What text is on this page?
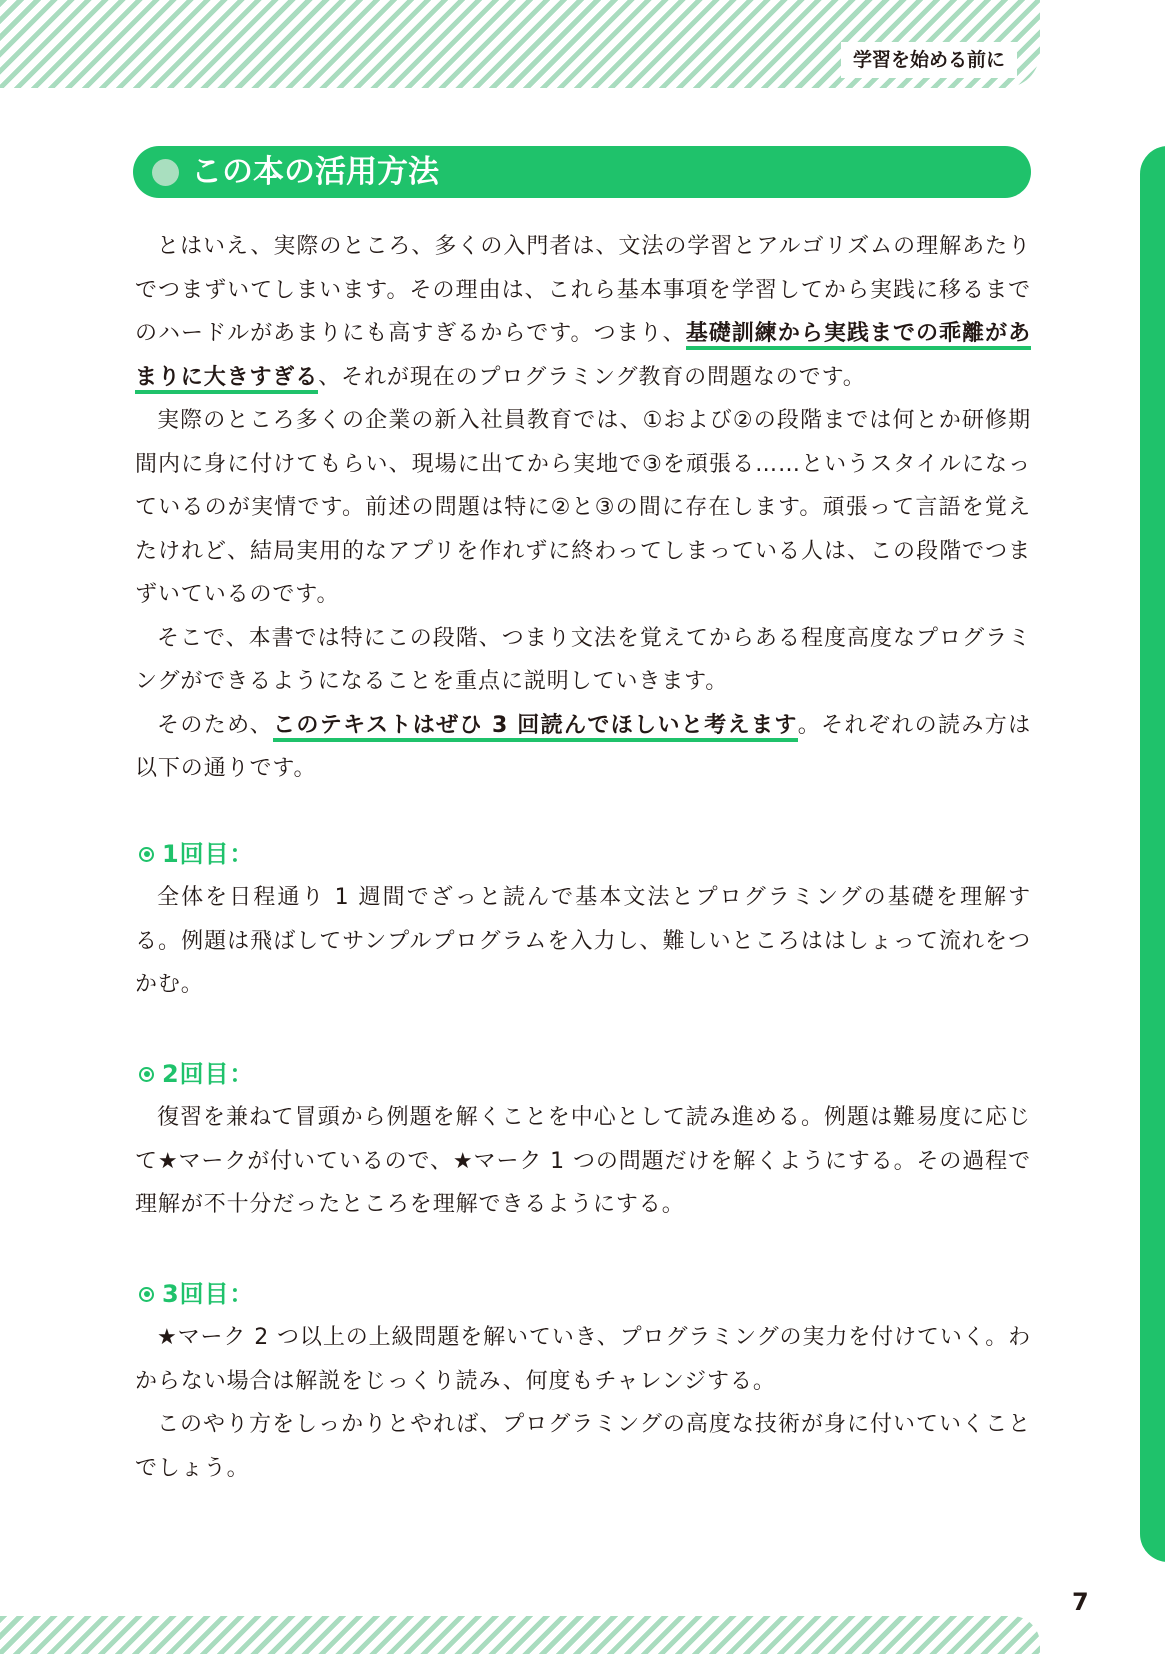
学習を始める前に
この本の活用方法

とはいえ、実際のところ、多くの入門者は、文法の学習とアルゴリズムの理解あたりでつまずいてしまいます。その理由は、これら基本事項を学習してから実践に移るまでのハードルがあまりにも高すぎるからです。つまり、基礎訓練から実践までの乖離があまりに大きすぎる、それが現在のプログラミング教育の問題なのです。

実際のところ多くの企業の新入社員教育では、①および②の段階までは何とか研修期間内に身に付けてもらい、現場に出てから実地で③を頑張る……というスタイルになっているのが実情です。前述の問題は特に②と③の間に存在します。頑張って言語を覚えたけれど、結局実用的なアプリを作れずに終わってしまっている人は、この段階でつまずいているのです。

そこで、本書では特にこの段階、つまり文法を覚えてからある程度高度なプログラミングができるようになることを重点に説明していきます。

そのため、このテキストはぜひ 3 回読んでほしいと考えます。それぞれの読み方は以下の通りです。

1回目：

全体を日程通り 1 週間でざっと読んで基本文法とプログラミングの基礎を理解する。例題は飛ばしてサンプルプログラムを入力し、難しいところははしょって流れをつかむ。

2回目：

復習を兼ねて冒頭から例題を解くことを中心として読み進める。例題は難易度に応じて★マークが付いているので、★マーク 1 つの問題だけを解くようにする。その過程で理解が不十分だったところを理解できるようにする。

3回目：

★マーク 2 つ以上の上級問題を解いていき、プログラミングの実力を付けていく。わからない場合は解説をじっくり読み、何度もチャレンジする。

このやり方をしっかりとやれば、プログラミングの高度な技術が身に付いていくことでしょう。

7
